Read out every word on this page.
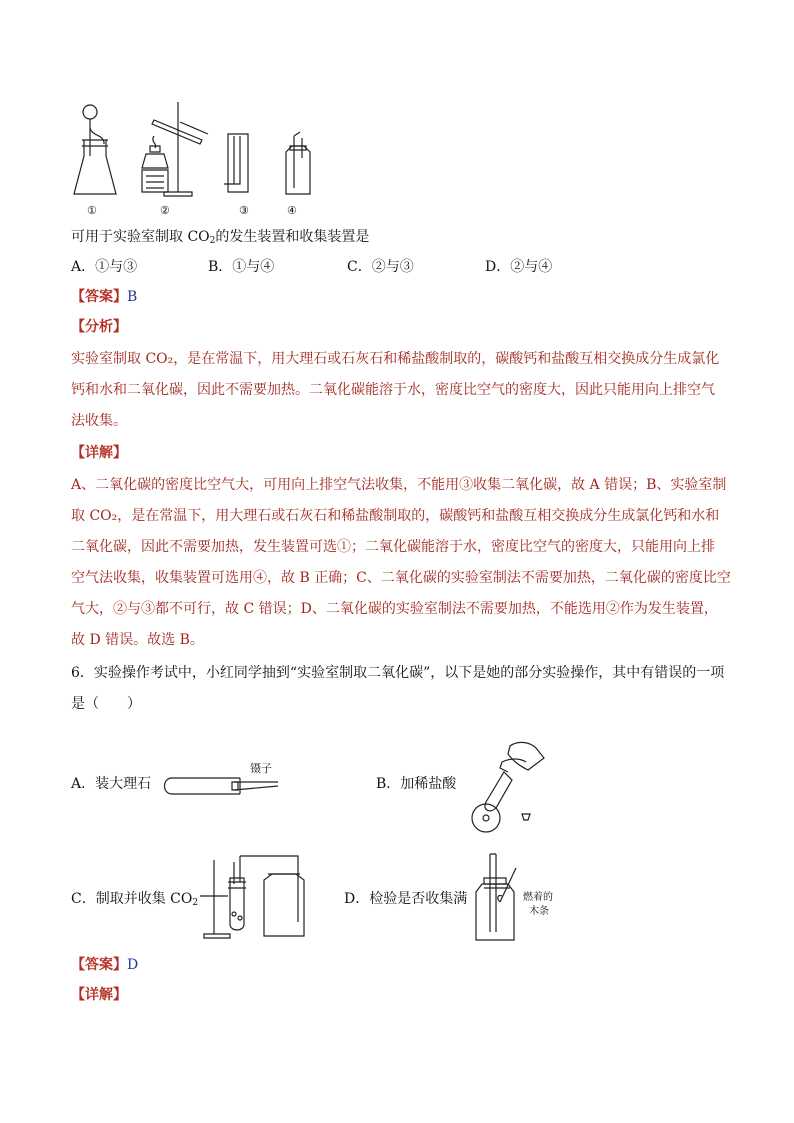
①	②	③	④

可用于实验室制取 $CO_2$的发生装置和收集装置是

A．①与③	B．①与④	C．②与③	D．②与④

【答案】B

【分析】

实验室制取 CO₂，是在常温下，用大理石或石灰石和稀盐酸制取的，碳酸钙和盐酸互相交换成分生成氯化
钙和水和二氧化碳，因此不需要加热。二氧化碳能溶于水，密度比空气的密度大，因此只能用向上排空气
法收集。

【详解】

A、二氧化碳的密度比空气大，可用向上排空气法收集，不能用③收集二氧化碳，故 A 错误；B、实验室制
取 CO₂，是在常温下，用大理石或石灰石和稀盐酸制取的，碳酸钙和盐酸互相交换成分生成氯化钙和水和
二氧化碳，因此不需要加热，发生装置可选①；二氧化碳能溶于水，密度比空气的密度大，只能用向上排
空气法收集，收集装置可选用④，故 B 正确；C、二氧化碳的实验室制法不需要加热，二氧化碳的密度比空
气大，②与③都不可行，故 C 错误；D、二氧化碳的实验室制法不需要加热，不能选用②作为发生装置，
故 D 错误。故选 B。

6．实验操作考试中，小红同学抽到“实验室制取二氧化碳”，以下是她的部分实验操作，其中有错误的一项
是（　　）

A．装大理石
镊子
B．加稀盐酸
C．制取并收集 $CO_2$	D．检验是否收集满	燃着的
木条

【答案】D

【详解】
